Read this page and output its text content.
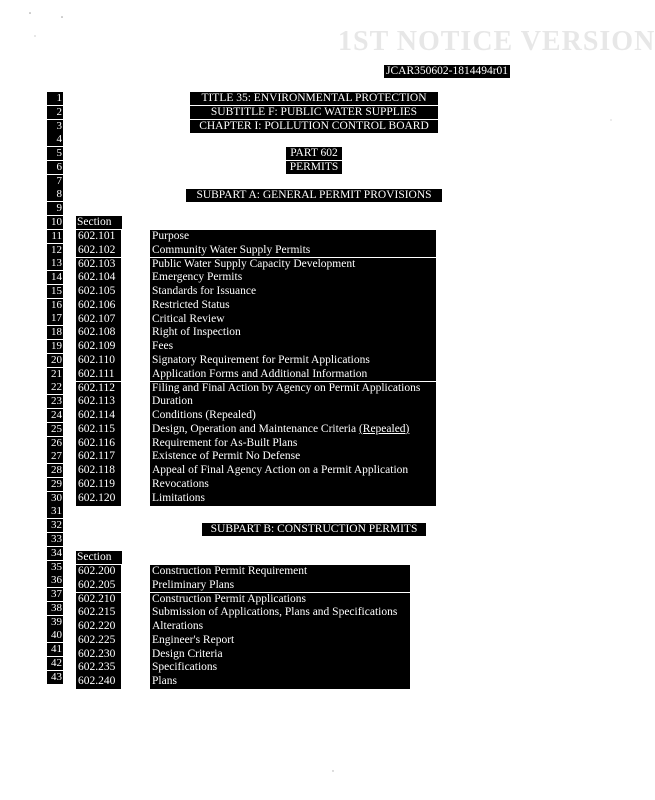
1ST NOTICE VERSION
JCAR350602-1814494r01
1
2
3
4
5
6
7
8
9
10
11
12
13
14
15
16
17
18
19
20
21
22
23
24
25
26
27
28
29
30
31
32
33
34
35
36
37
38
39
40
41
42
43
TITLE 35: ENVIRONMENTAL PROTECTION
SUBTITLE F: PUBLIC WATER SUPPLIES
CHAPTER I: POLLUTION CONTROL BOARD
PART 602
PERMITS
SUBPART A: GENERAL PERMIT PROVISIONS
Section
602.101	Purpose
602.102	Community Water Supply Permits
602.103	Public Water Supply Capacity Development
602.104	Emergency Permits
602.105	Standards for Issuance
602.106	Restricted Status
602.107	Critical Review
602.108	Right of Inspection
602.109	Fees
602.110	Signatory Requirement for Permit Applications
602.111	Application Forms and Additional Information
602.112	Filing and Final Action by Agency on Permit Applications
602.113	Duration
602.114	Conditions (Repealed)
602.115	Design, Operation and Maintenance Criteria (Repealed)
602.116	Requirement for As-Built Plans
602.117	Existence of Permit No Defense
602.118	Appeal of Final Agency Action on a Permit Application
602.119	Revocations
602.120	Limitations
SUBPART B: CONSTRUCTION PERMITS
Section
602.200	Construction Permit Requirement
602.205	Preliminary Plans
602.210	Construction Permit Applications
602.215	Submission of Applications, Plans and Specifications
602.220	Alterations
602.225	Engineer's Report
602.230	Design Criteria
602.235	Specifications
602.240	Plans
